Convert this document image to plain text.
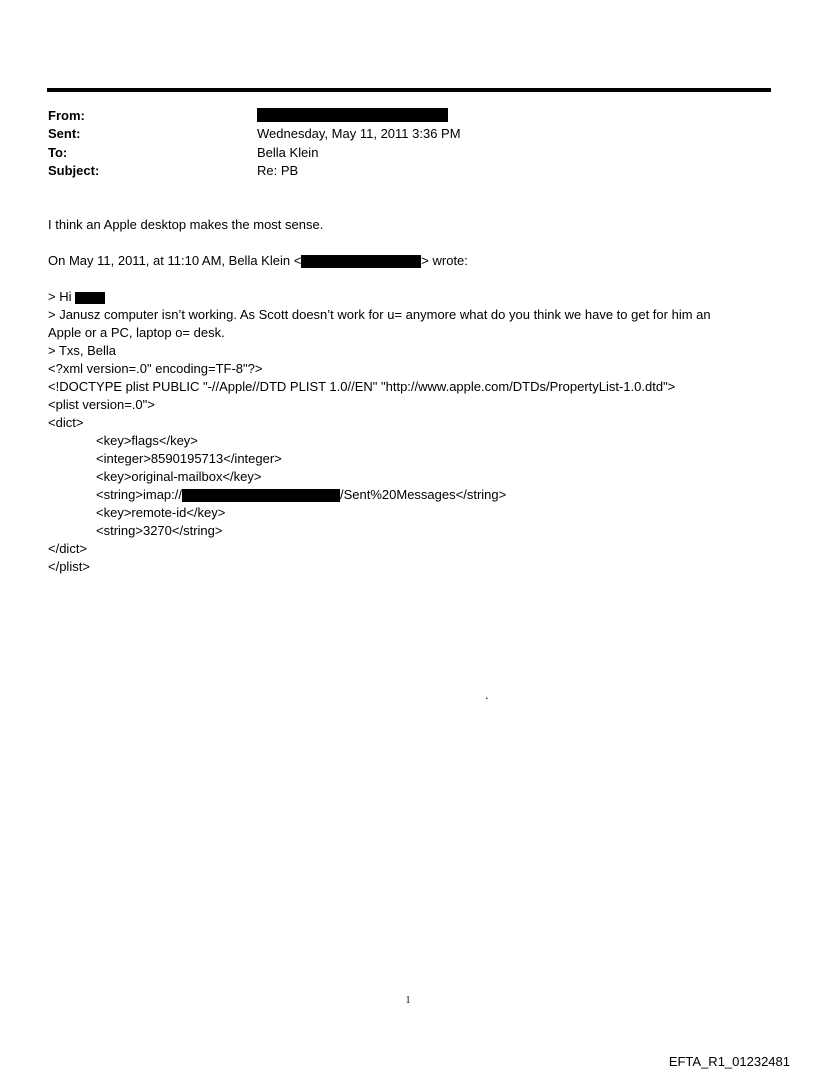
From:
Sent:	Wednesday, May 11, 2011 3:36 PM
To:	Bella Klein
Subject:	Re: PB
I think an Apple desktop makes the most sense.
On May 11, 2011, at 11:10 AM, Bella Klein <	> wrote:
> Hi
> Janusz computer isn’t working. As Scott doesn’t work for u= anymore what do you think we have to get for him an
Apple or a PC, laptop o= desk.
> Txs, Bella
<?xml version=.0" encoding=TF-8"?>
<!DOCTYPE plist PUBLIC "-//Apple//DTD PLIST 1.0//EN" "http://www.apple.com/DTDs/PropertyList-1.0.dtd">
<plist version=.0">
<dict>
<key>flags</key>
<integer>8590195713</integer>
<key>original-mailbox</key>
<string>imap://	/Sent%20Messages</string>
<key>remote-id</key>
<string>3270</string>
</dict>
</plist>
.
1
EFTA_R1_01232481
